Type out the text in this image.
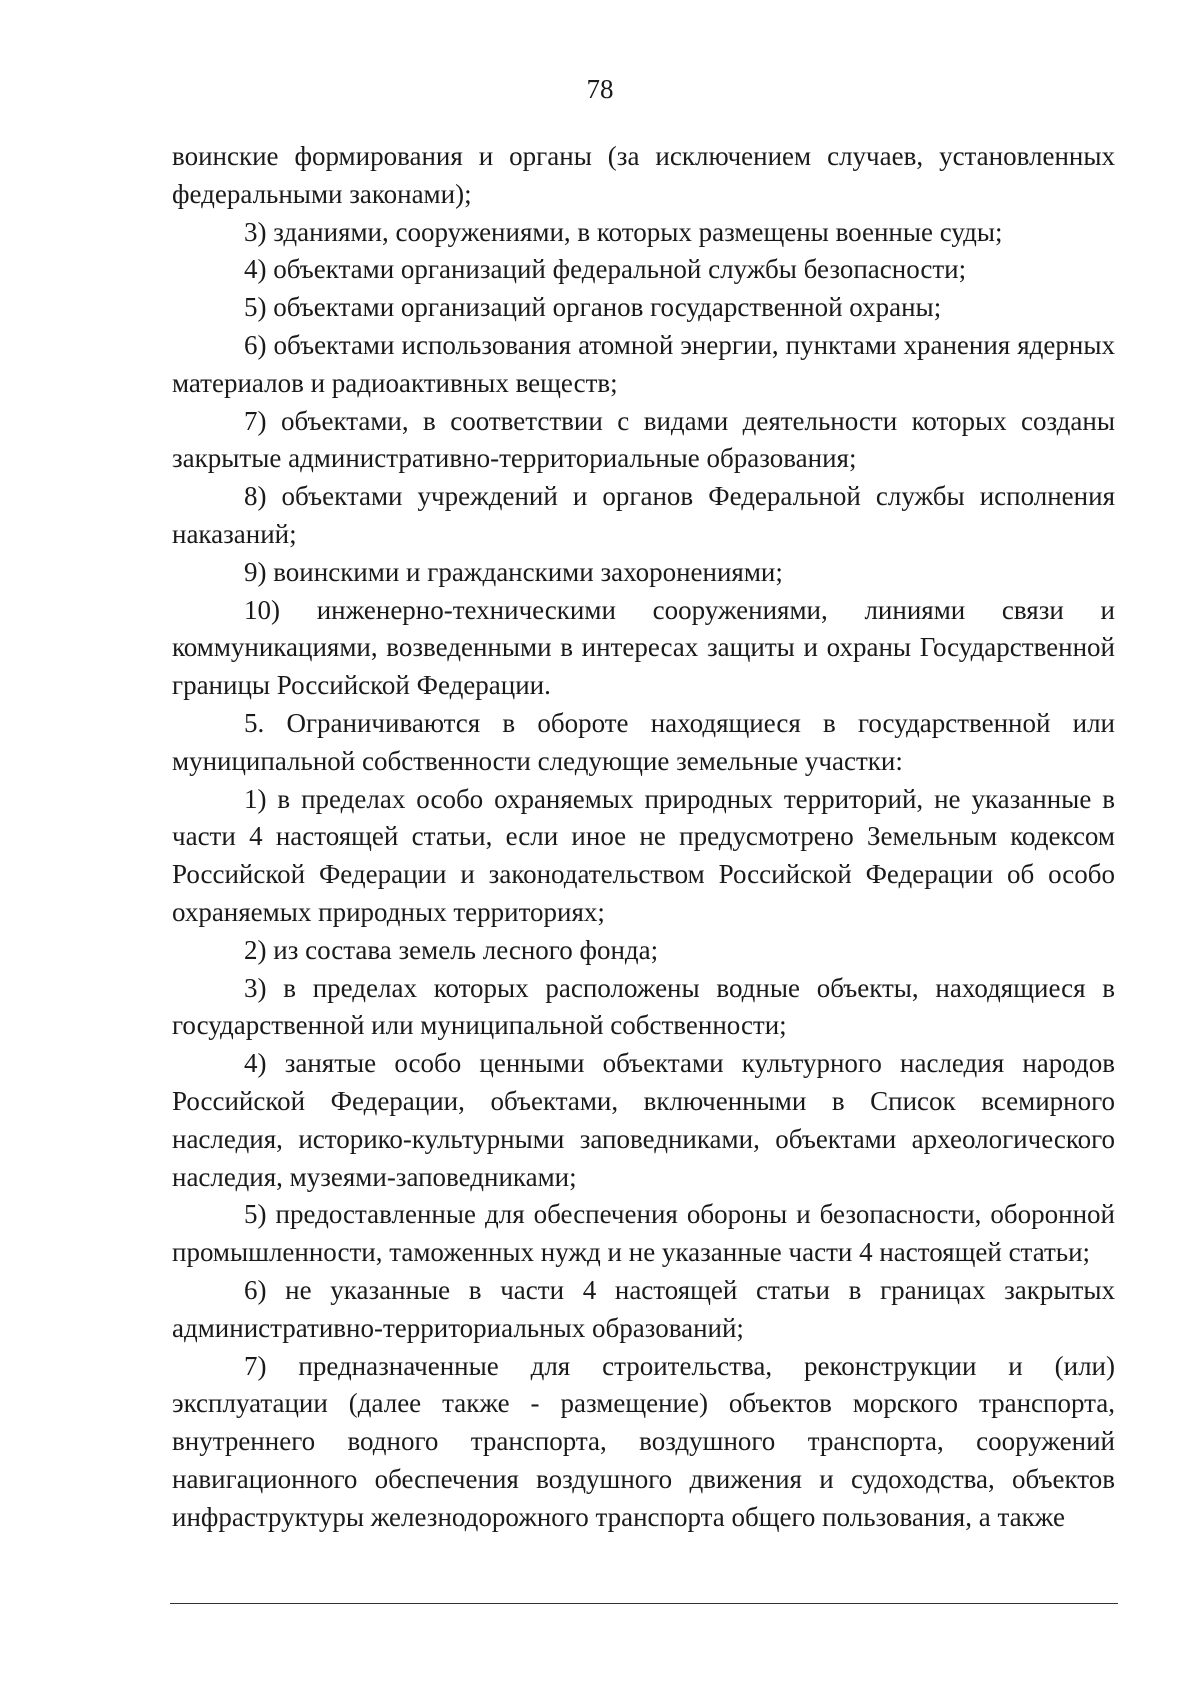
78

воинские формирования и органы (за исключением случаев, установленных федеральными законами);

3) зданиями, сооружениями, в которых размещены военные суды;

4) объектами организаций федеральной службы безопасности;

5) объектами организаций органов государственной охраны;

6) объектами использования атомной энергии, пунктами хранения ядерных материалов и радиоактивных веществ;

7) объектами, в соответствии с видами деятельности которых созданы закрытые административно-территориальные образования;

8) объектами учреждений и органов Федеральной службы исполнения наказаний;

9) воинскими и гражданскими захоронениями;

10) инженерно-техническими сооружениями, линиями связи и коммуникациями, возведенными в интересах защиты и охраны Государственной границы Российской Федерации.

5. Ограничиваются в обороте находящиеся в государственной или муниципальной собственности следующие земельные участки:

1) в пределах особо охраняемых природных территорий, не указанные в части 4 настоящей статьи, если иное не предусмотрено Земельным кодексом Российской Федерации и законодательством Российской Федерации об особо охраняемых природных территориях;

2) из состава земель лесного фонда;

3) в пределах которых расположены водные объекты, находящиеся в государственной или муниципальной собственности;

4) занятые особо ценными объектами культурного наследия народов Российской Федерации, объектами, включенными в Список всемирного наследия, историко-культурными заповедниками, объектами археологического наследия, музеями-заповедниками;

5) предоставленные для обеспечения обороны и безопасности, оборонной промышленности, таможенных нужд и не указанные части 4 настоящей статьи;

6) не указанные в части 4 настоящей статьи в границах закрытых административно-территориальных образований;

7) предназначенные для строительства, реконструкции и (или) эксплуатации (далее также - размещение) объектов морского транспорта, внутреннего водного транспорта, воздушного транспорта, сооружений навигационного обеспечения воздушного движения и судоходства, объектов инфраструктуры железнодорожного транспорта общего пользования, а также
